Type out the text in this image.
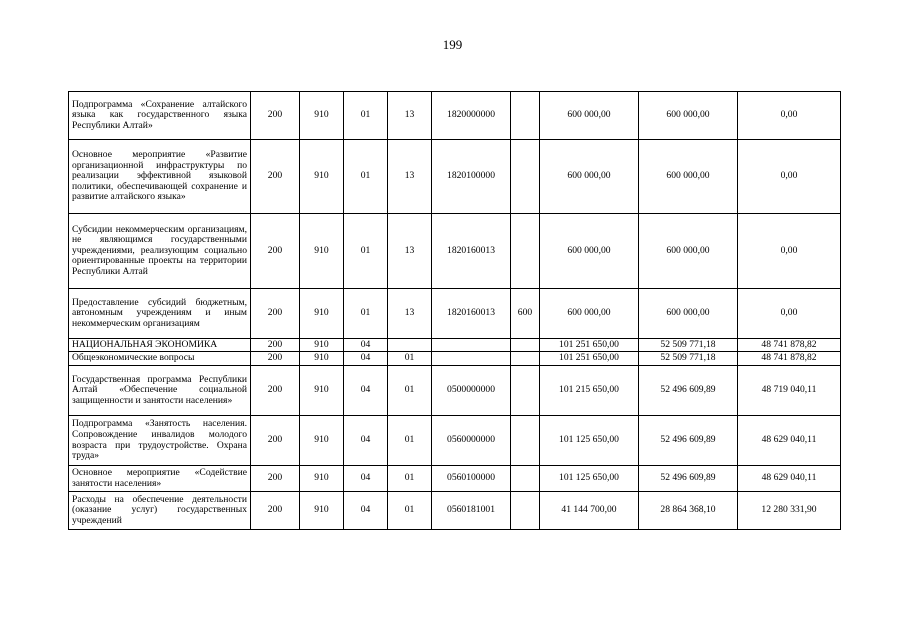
199
Подпрограмма «Сохранение алтайского языка как государственного языка Республики Алтай»	200	910	01	13	1820000000		600 000,00	600 000,00	0,00
Основное мероприятие «Развитие организационной инфраструктуры по реализации эффективной языковой политики, обеспечивающей сохранение и развитие алтайского языка»	200	910	01	13	1820100000		600 000,00	600 000,00	0,00
Субсидии некоммерческим организациям, не являющимся государственными учреждениями, реализующим социально ориентированные проекты на территории Республики Алтай	200	910	01	13	1820160013		600 000,00	600 000,00	0,00
Предоставление субсидий бюджетным, автономным учреждениям и иным некоммерческим организациям	200	910	01	13	1820160013	600	600 000,00	600 000,00	0,00
НАЦИОНАЛЬНАЯ ЭКОНОМИКА	200	910	04				101 251 650,00	52 509 771,18	48 741 878,82
Общеэкономические вопросы	200	910	04	01			101 251 650,00	52 509 771,18	48 741 878,82
Государственная программа Республики Алтай «Обеспечение социальной защищенности и занятости населения»	200	910	04	01	0500000000		101 215 650,00	52 496 609,89	48 719 040,11
Подпрограмма «Занятость населения. Сопровождение инвалидов молодого возраста при трудоустройстве. Охрана труда»	200	910	04	01	0560000000		101 125 650,00	52 496 609,89	48 629 040,11
Основное мероприятие «Содействие занятости населения»	200	910	04	01	0560100000		101 125 650,00	52 496 609,89	48 629 040,11
Расходы на обеспечение деятельности (оказание услуг) государственных учреждений	200	910	04	01	0560181001		41 144 700,00	28 864 368,10	12 280 331,90
